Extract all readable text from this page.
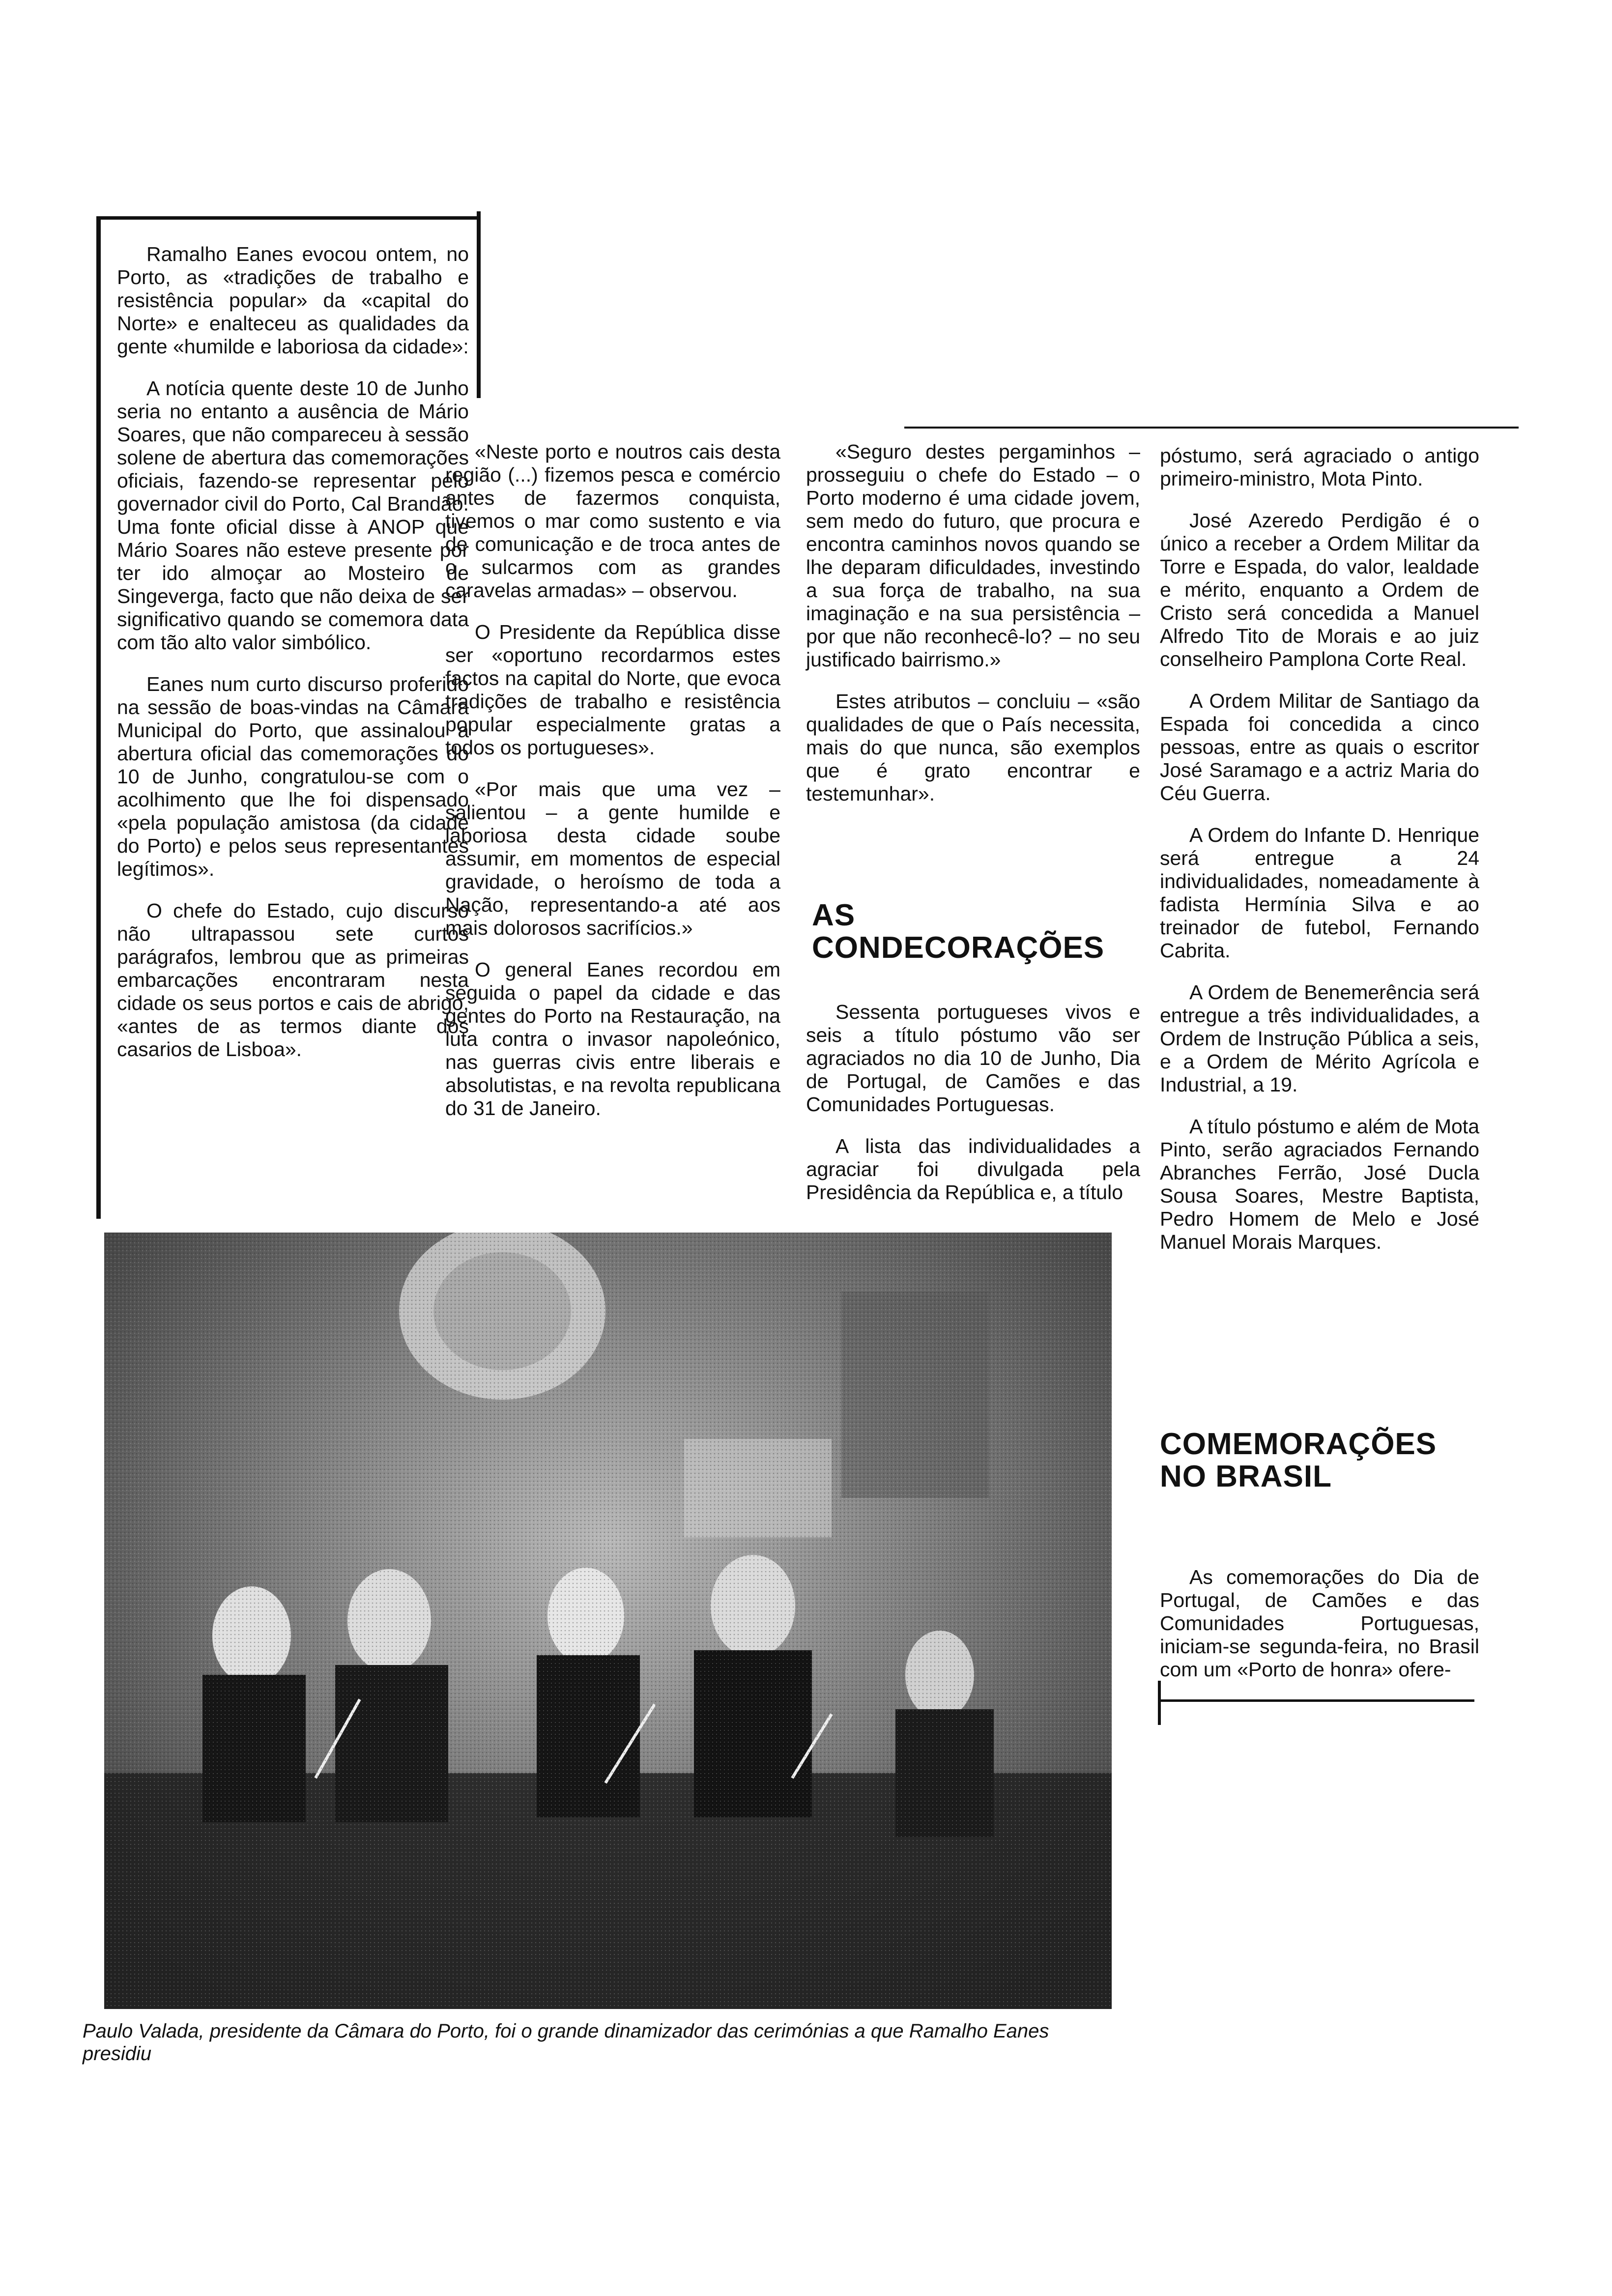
Ramalho Eanes evocou ontem, no Porto, as «tradições de trabalho e resistência popular» da «capital do Norte» e enalteceu as qualidades da gente «humilde e laboriosa da cidade»:

A notícia quente deste 10 de Junho seria no entanto a ausência de Mário Soares, que não compareceu à sessão solene de abertura das comemorações oficiais, fazendo-se representar pelo governador civil do Porto, Cal Brandão. Uma fonte oficial disse à ANOP que Mário Soares não esteve presente por ter ido almoçar ao Mosteiro de Singeverga, facto que não deixa de ser significativo quando se comemora data com tão alto valor simbólico.

Eanes num curto discurso proferido na sessão de boas-vindas na Câmara Municipal do Porto, que assinalou a abertura oficial das comemorações do 10 de Junho, congratulou-se com o acolhimento que lhe foi dispensado «pela população amistosa (da cidade do Porto) e pelos seus representantes legítimos».

O chefe do Estado, cujo discurso não ultrapassou sete curtos parágrafos, lembrou que as primeiras embarcações encontraram nesta cidade os seus portos e cais de abrigo, «antes de as termos diante dos casarios de Lisboa».

«Neste porto e noutros cais desta região (...) fizemos pesca e comércio antes de fazermos conquista, tivemos o mar como sustento e via de comunicação e de troca antes de o sulcarmos com as grandes caravelas armadas» – observou.

O Presidente da República disse ser «oportuno recordarmos estes factos na capital do Norte, que evoca tradições de trabalho e resistência popular especialmente gratas a todos os portugueses».

«Por mais que uma vez – salientou – a gente humilde e laboriosa desta cidade soube assumir, em momentos de especial gravidade, o heroísmo de toda a Nação, representando-a até aos mais dolorosos sacrifícios.»

O general Eanes recordou em seguida o papel da cidade e das gentes do Porto na Restauração, na luta contra o invasor napoleónico, nas guerras civis entre liberais e absolutistas, e na revolta republicana do 31 de Janeiro.

«Seguro destes pergaminhos – prosseguiu o chefe do Estado – o Porto moderno é uma cidade jovem, sem medo do futuro, que procura e encontra caminhos novos quando se lhe deparam dificuldades, investindo a sua força de trabalho, na sua imaginação e na sua persistência – por que não reconhecê-lo? – no seu justificado bairrismo.»

Estes atributos – concluiu – «são qualidades de que o País necessita, mais do que nunca, são exemplos que é grato encontrar e testemunhar».

AS CONDECORAÇÕES

Sessenta portugueses vivos e seis a título póstumo vão ser agraciados no dia 10 de Junho, Dia de Portugal, de Camões e das Comunidades Portuguesas.

A lista das individualidades a agraciar foi divulgada pela Presidência da República e, a título

póstumo, será agraciado o antigo primeiro-ministro, Mota Pinto.

José Azeredo Perdigão é o único a receber a Ordem Militar da Torre e Espada, do valor, lealdade e mérito, enquanto a Ordem de Cristo será concedida a Manuel Alfredo Tito de Morais e ao juiz conselheiro Pamplona Corte Real.

A Ordem Militar de Santiago da Espada foi concedida a cinco pessoas, entre as quais o escritor José Saramago e a actriz Maria do Céu Guerra.

A Ordem do Infante D. Henrique será entregue a 24 individualidades, nomeadamente à fadista Hermínia Silva e ao treinador de futebol, Fernando Cabrita.

A Ordem de Benemerência será entregue a três individualidades, a Ordem de Instrução Pública a seis, e a Ordem de Mérito Agrícola e Industrial, a 19.

A título póstumo e além de Mota Pinto, serão agraciados Fernando Abranches Ferrão, José Ducla Sousa Soares, Mestre Baptista, Pedro Homem de Melo e José Manuel Morais Marques.

COMEMORAÇÕES NO BRASIL

As comemorações do Dia de Portugal, de Camões e das Comunidades Portuguesas, iniciam-se segunda-feira, no Brasil com um «Porto de honra» ofere-

Paulo Valada, presidente da Câmara do Porto, foi o grande dinamizador das cerimónias a que Ramalho Eanes presidiu
